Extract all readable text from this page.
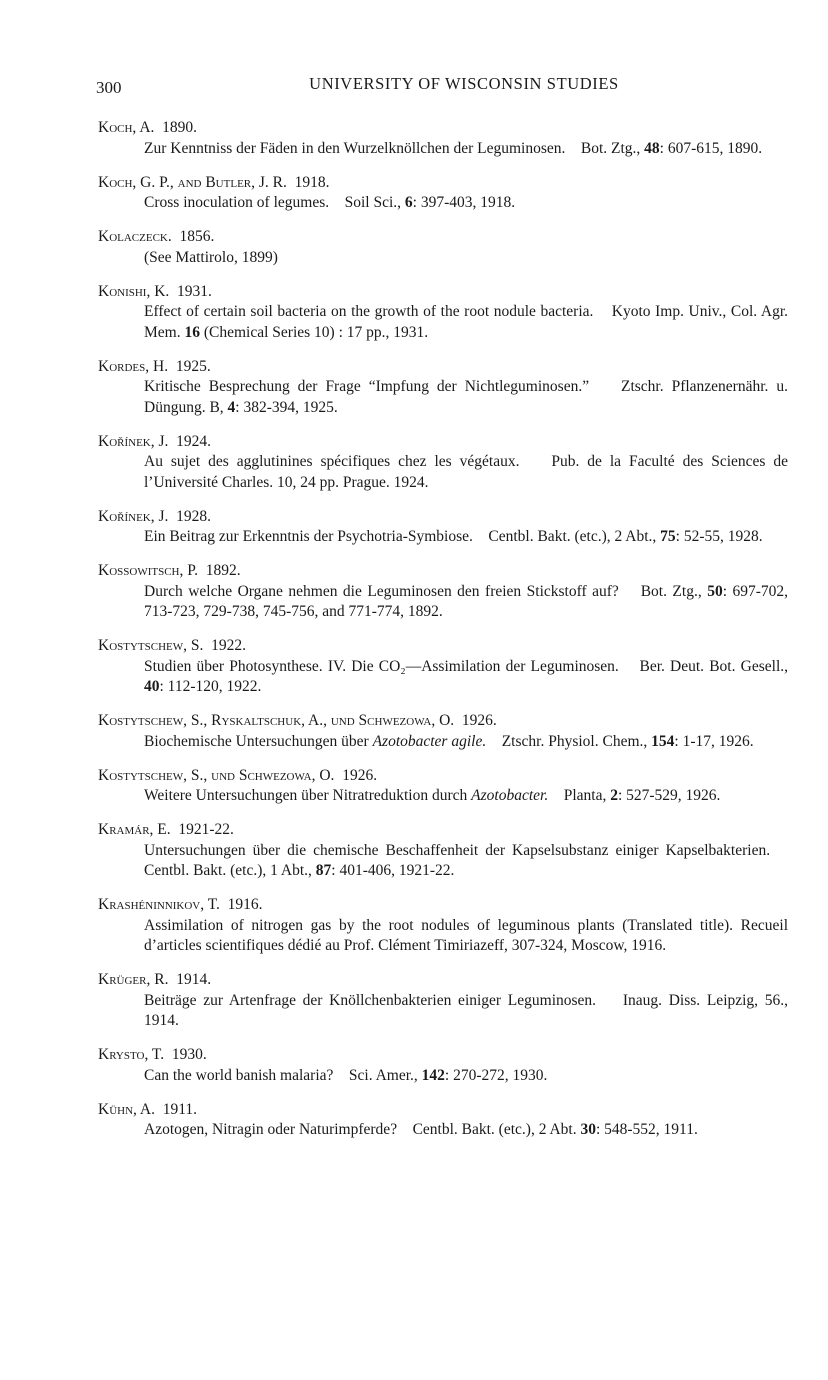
300	UNIVERSITY OF WISCONSIN STUDIES
Koch, A. 1890.
Zur Kenntniss der Fäden in den Wurzelknöllchen der Leguminosen. Bot. Ztg., 48: 607-615, 1890.
Koch, G. P., and Butler, J. R. 1918.
Cross inoculation of legumes. Soil Sci., 6: 397-403, 1918.
Kolaczeck. 1856.
(See Mattirolo, 1899)
Konishi, K. 1931.
Effect of certain soil bacteria on the growth of the root nodule bacteria. Kyoto Imp. Univ., Col. Agr. Mem. 16 (Chemical Series 10) : 17 pp., 1931.
Kordes, H. 1925.
Kritische Besprechung der Frage “Impfung der Nichtleguminosen.” Ztschr. Pflanzenernähr. u. Düngung. B, 4: 382-394, 1925.
Kořínek, J. 1924.
Au sujet des agglutinines spécifiques chez les végétaux. Pub. de la Faculté des Sciences de l’Université Charles. 10, 24 pp. Prague. 1924.
Kořínek, J. 1928.
Ein Beitrag zur Erkenntnis der Psychotria-Symbiose. Centbl. Bakt. (etc.), 2 Abt., 75: 52-55, 1928.
Kossowitsch, P. 1892.
Durch welche Organe nehmen die Leguminosen den freien Stickstoff auf? Bot. Ztg., 50: 697-702, 713-723, 729-738, 745-756, and 771-774, 1892.
Kostytschew, S. 1922.
Studien über Photosynthese. IV. Die CO₂—Assimilation der Leguminosen. Ber. Deut. Bot. Gesell., 40: 112-120, 1922.
Kostytschew, S., Ryskaltschuk, A., und Schwezowa, O. 1926.
Biochemische Untersuchungen über Azotobacter agile. Ztschr. Physiol. Chem., 154: 1-17, 1926.
Kostytschew, S., und Schwezowa, O. 1926.
Weitere Untersuchungen über Nitratreduktion durch Azotobacter. Planta, 2: 527-529, 1926.
Kramár, E. 1921-22.
Untersuchungen über die chemische Beschaffenheit der Kapselsubstanz einiger Kapselbakterien.    Centbl. Bakt. (etc.), 1 Abt., 87: 401-406, 1921-22.
Krashéninnikov, T. 1916.
Assimilation of nitrogen gas by the root nodules of leguminous plants (Translated title). Recueil d’articles scientifiques dédié au Prof. Clément Timiriazeff, 307-324, Moscow, 1916.
Krüger, R. 1914.
Beiträge zur Artenfrage der Knöllchenbakterien einiger Leguminosen. Inaug. Diss. Leipzig, 56., 1914.
Krysto, T. 1930.
Can the world banish malaria? Sci. Amer., 142: 270-272, 1930.
Kühn, A. 1911.
Azotogen, Nitragin oder Naturimpferde? Centbl. Bakt. (etc.), 2 Abt. 30: 548-552, 1911.
